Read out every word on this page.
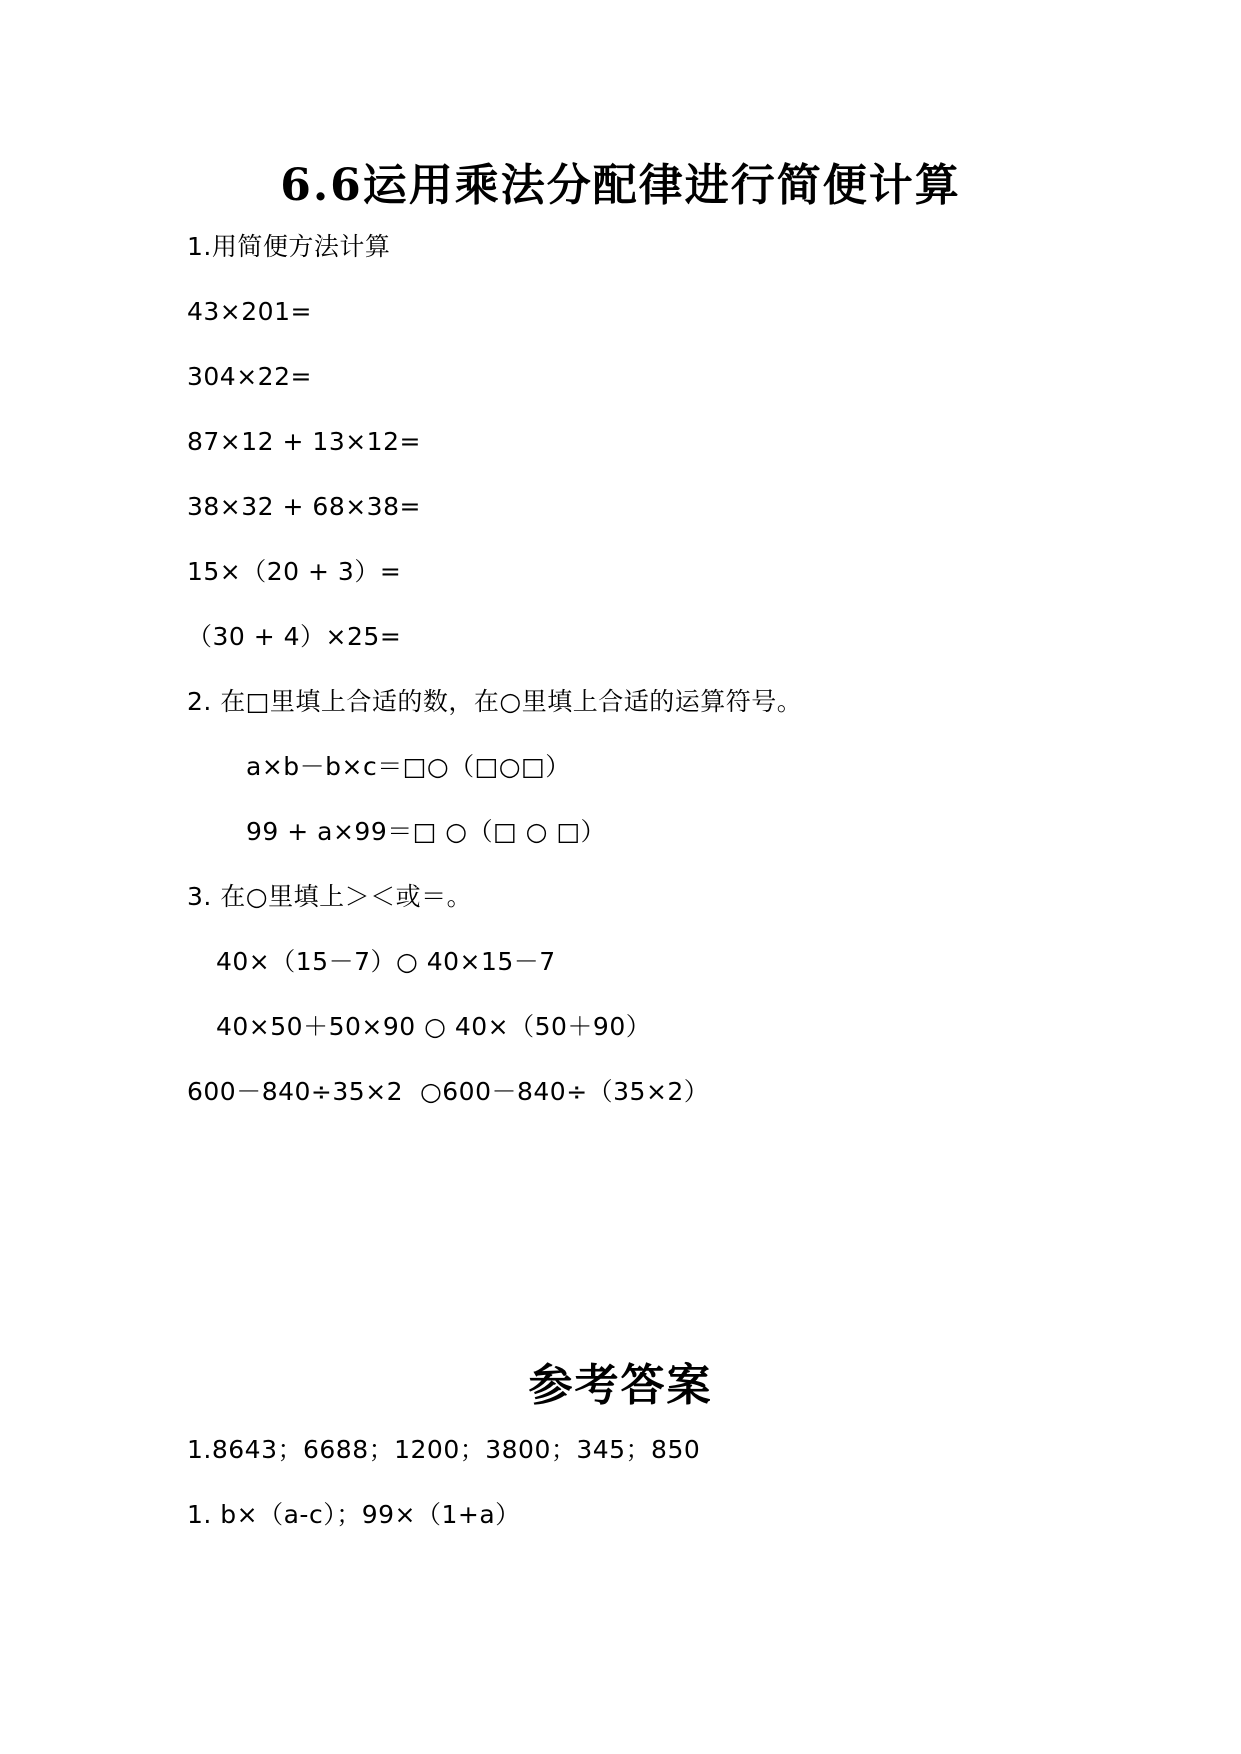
6.6运用乘法分配律进行简便计算
1.用简便方法计算
43×201=
304×22=
87×12 + 13×12=
38×32 + 68×38=
15×（20 + 3）=
（30 + 4）×25=
2. 在□里填上合适的数，在○里填上合适的运算符号。
a×b－b×c＝□○（□○□）
99 + a×99＝□ ○（□ ○ □）
3. 在○里填上＞＜或＝。
40×（15－7）○ 40×15－7
40×50＋50×90 ○ 40×（50＋90）
600－840÷35×2  ○600－840÷（35×2）
参考答案
1.8643；6688；1200；3800；345；850
1. b×（a-c）；99×（1+a）
